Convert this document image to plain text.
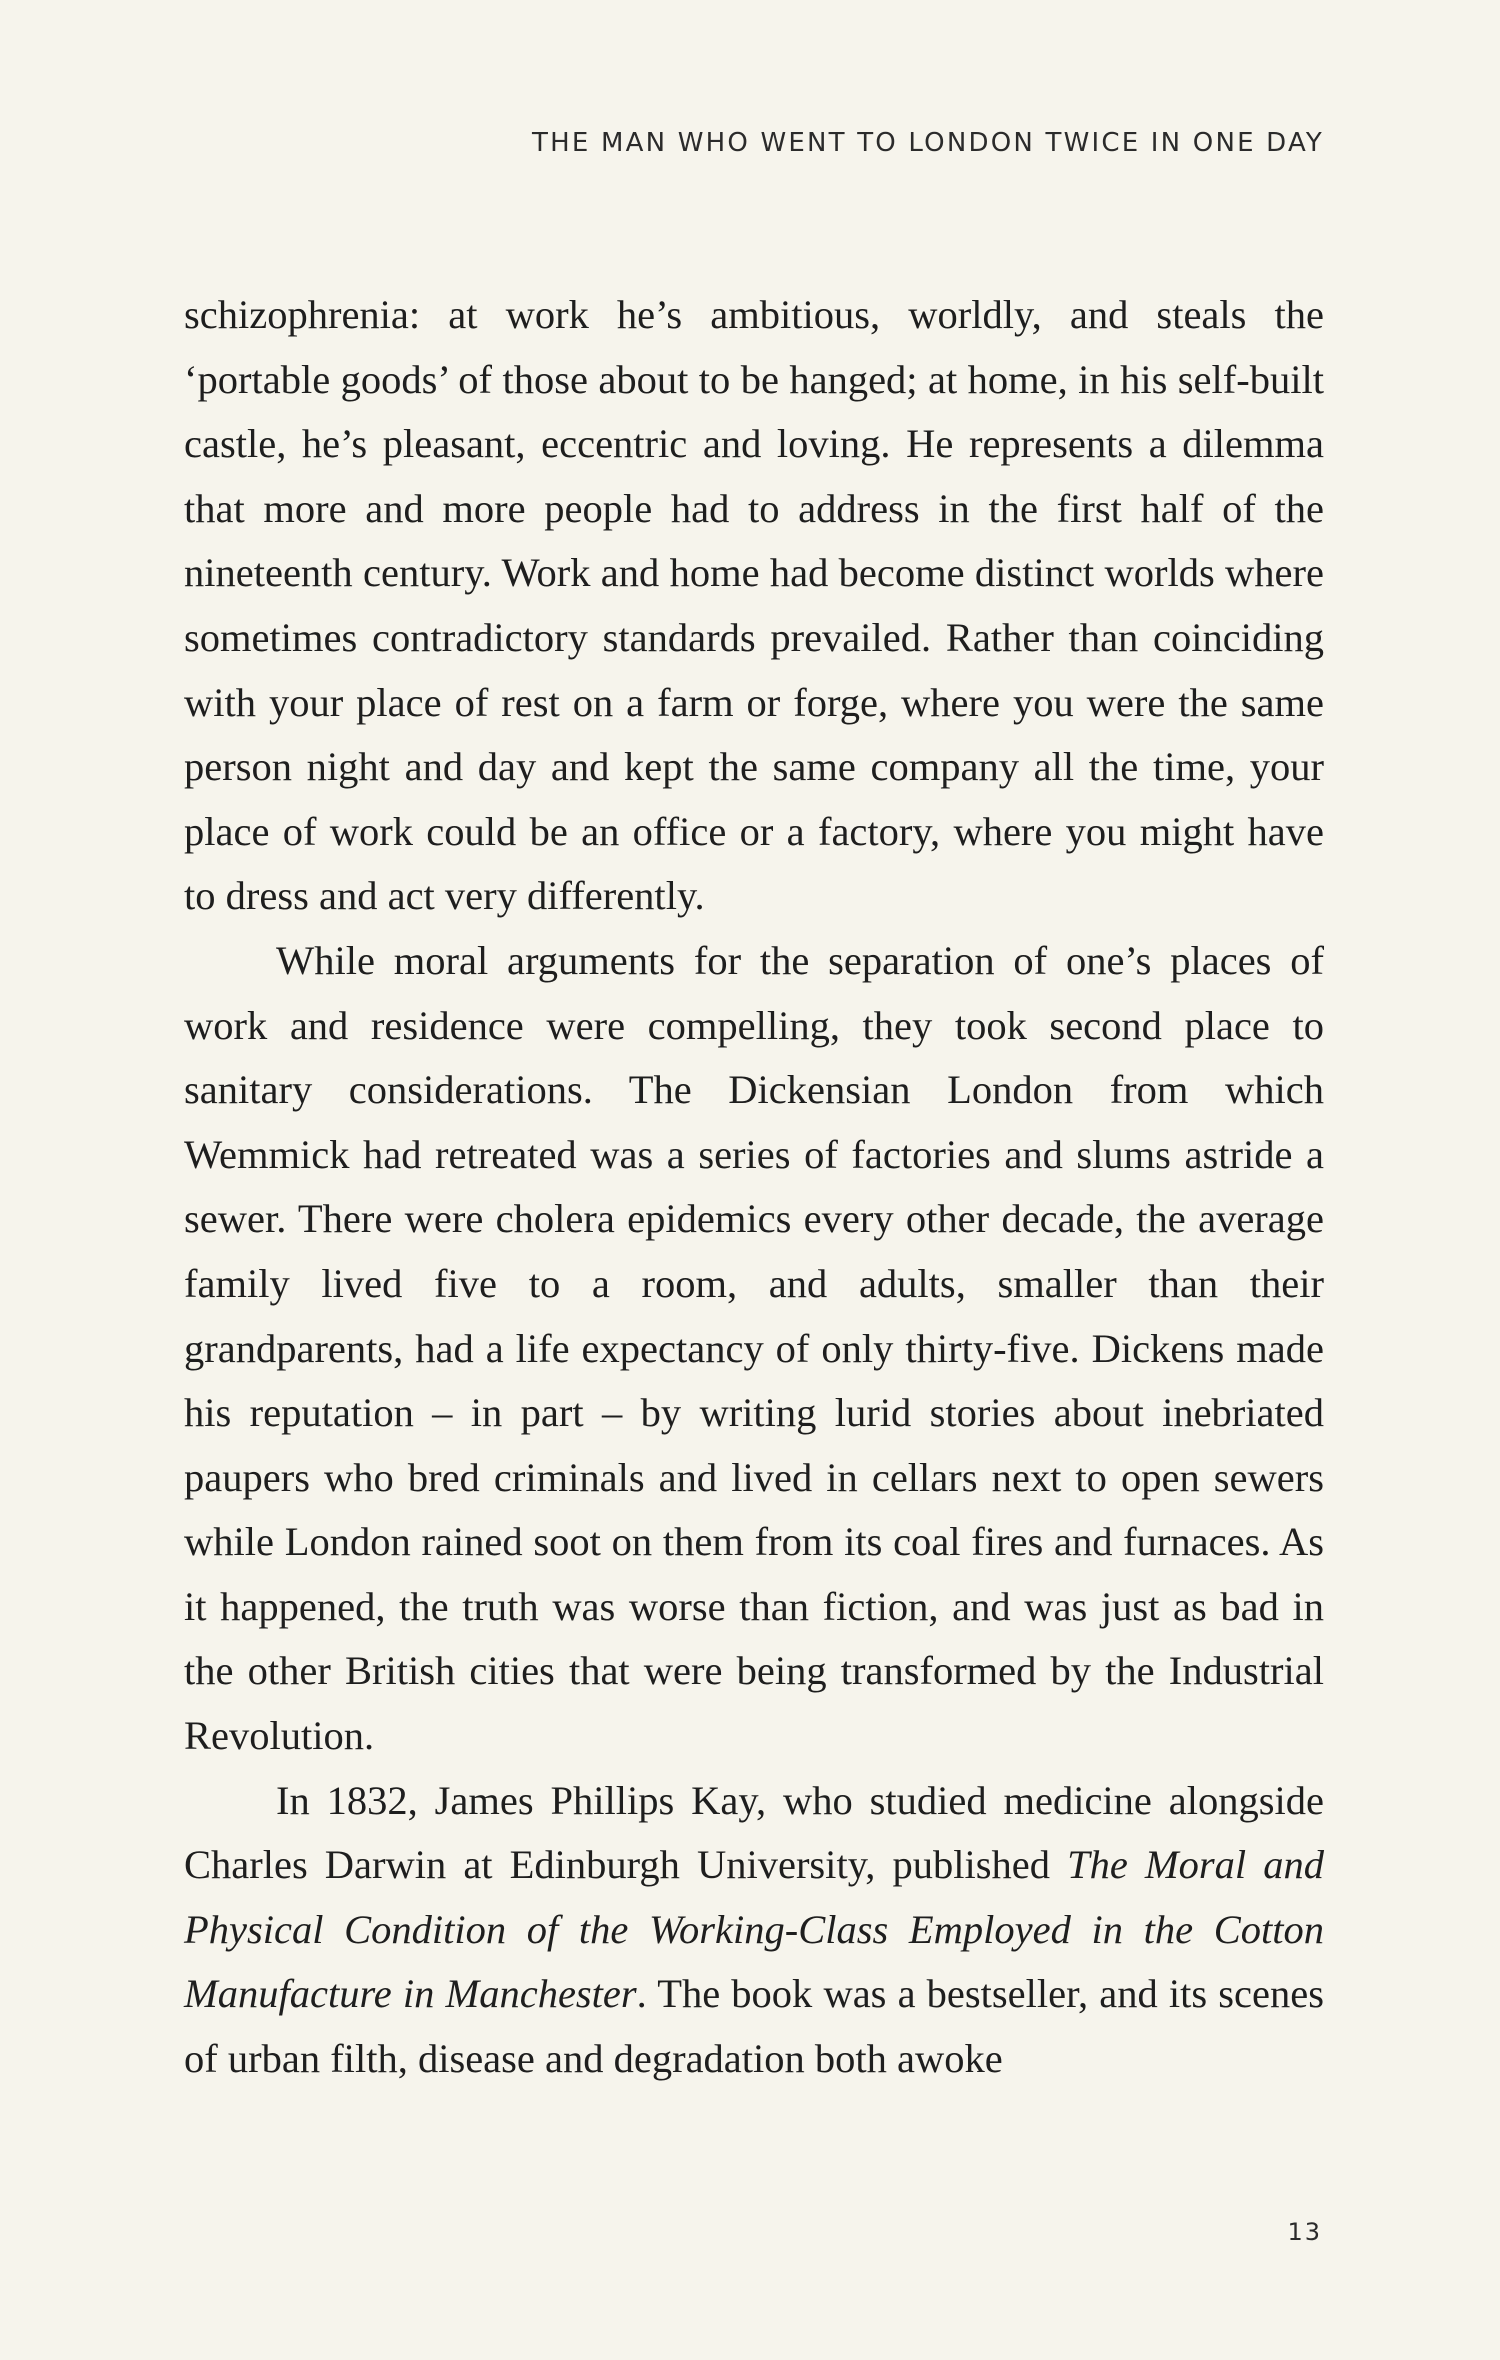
THE MAN WHO WENT TO LONDON TWICE IN ONE DAY

schizophrenia: at work he’s ambitious, worldly, and steals the ‘portable goods’ of those about to be hanged; at home, in his self-built castle, he’s pleasant, eccentric and loving. He represents a dilemma that more and more people had to address in the first half of the nineteenth century. Work and home had become distinct worlds where sometimes contradictory standards prevailed. Rather than coinciding with your place of rest on a farm or forge, where you were the same person night and day and kept the same company all the time, your place of work could be an office or a factory, where you might have to dress and act very differently.

While moral arguments for the separation of one’s places of work and residence were compelling, they took second place to sanitary considerations. The Dickensian London from which Wemmick had retreated was a series of factories and slums astride a sewer. There were cholera epidemics every other decade, the average family lived five to a room, and adults, smaller than their grandparents, had a life expectancy of only thirty-five. Dickens made his reputation – in part – by writing lurid stories about inebriated paupers who bred criminals and lived in cellars next to open sewers while London rained soot on them from its coal fires and furnaces. As it happened, the truth was worse than fiction, and was just as bad in the other British cities that were being transformed by the Industrial Revolution.

In 1832, James Phillips Kay, who studied medicine alongside Charles Darwin at Edinburgh University, published The Moral and Physical Condition of the Working-Class Employed in the Cotton Manufacture in Manchester. The book was a bestseller, and its scenes of urban filth, disease and degradation both awoke

13
